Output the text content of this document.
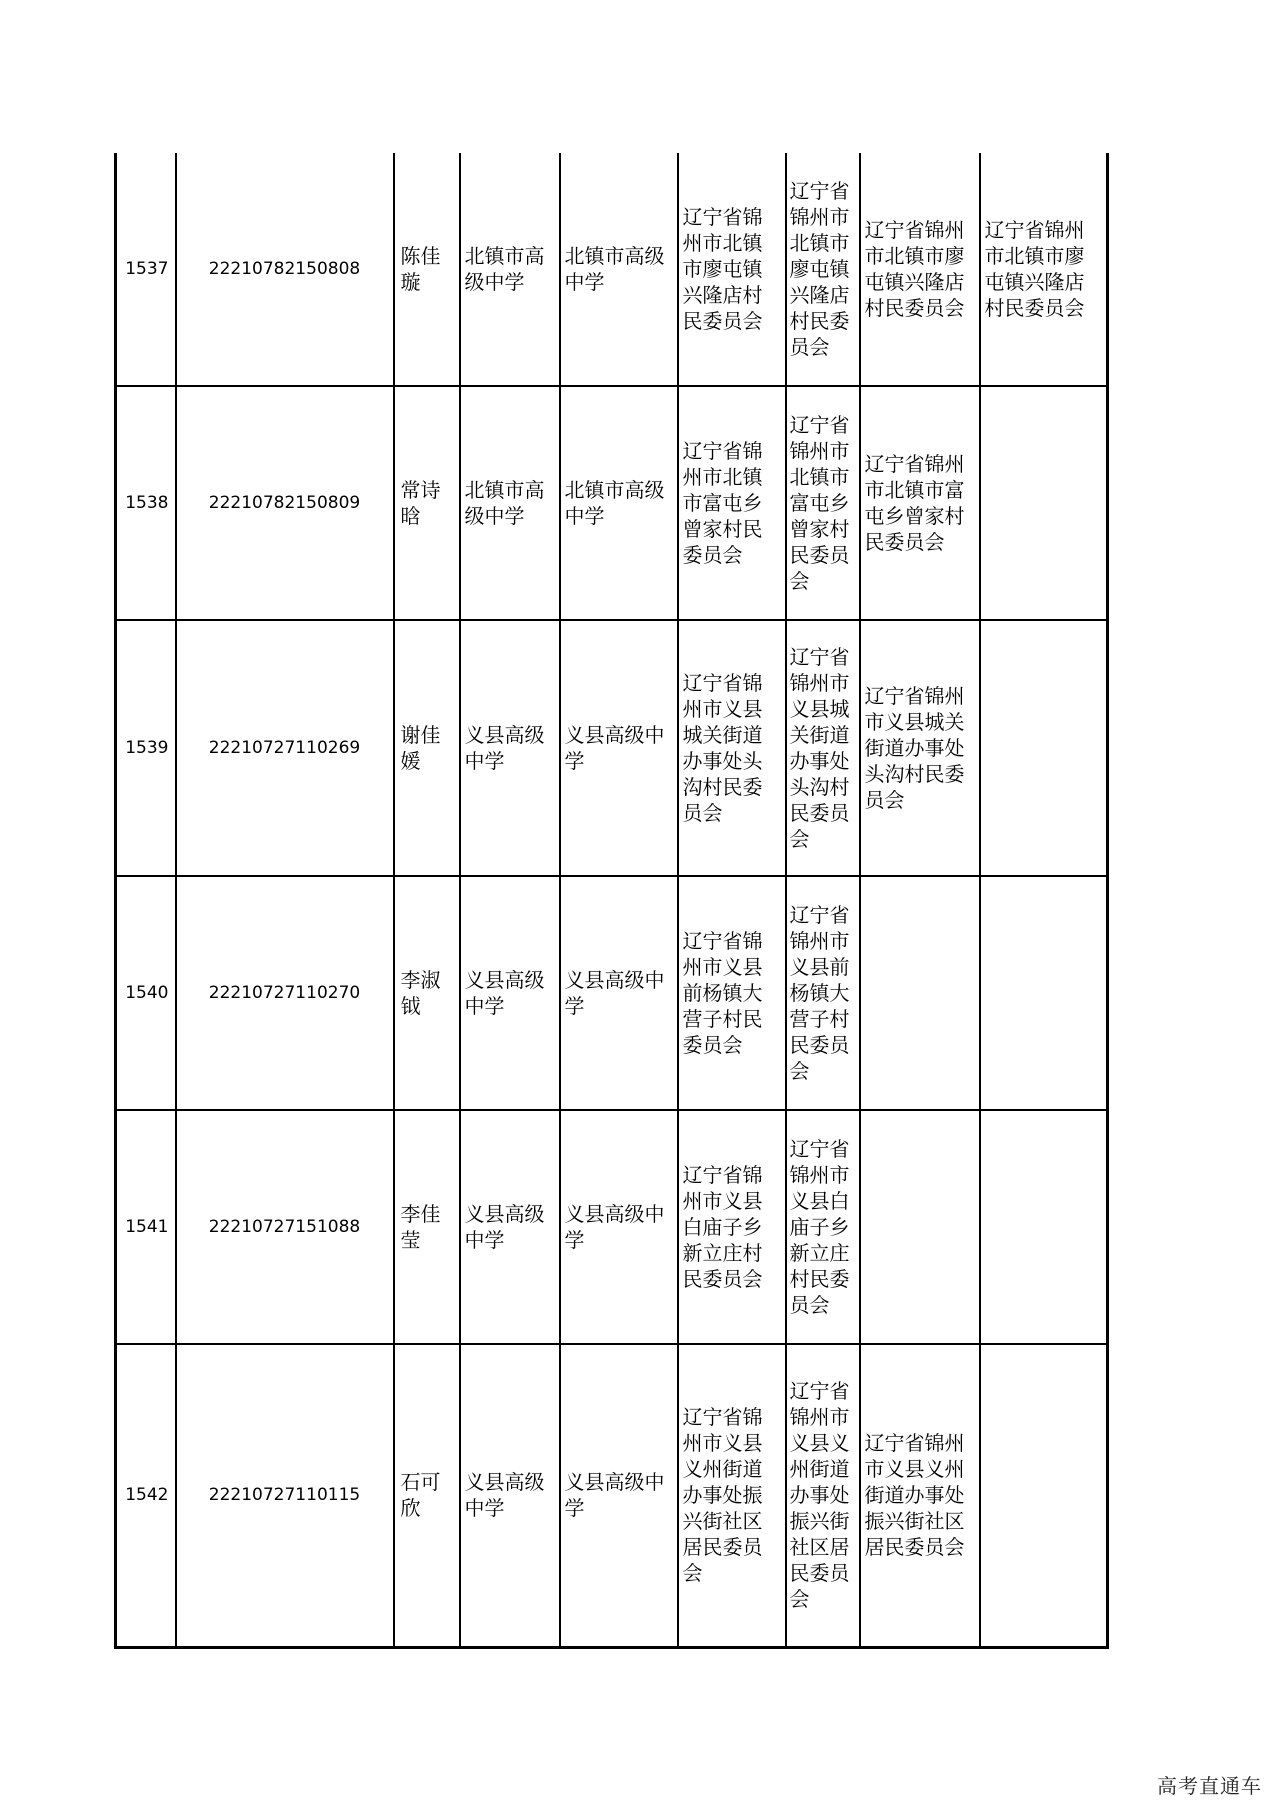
1537	22210782150808	陈佳璇	北镇市高级中学	北镇市高级中学	辽宁省锦州市北镇市廖屯镇兴隆店村民委员会	辽宁省锦州市北镇市廖屯镇兴隆店村民委员会	辽宁省锦州市北镇市廖屯镇兴隆店村民委员会	辽宁省锦州市北镇市廖屯镇兴隆店村民委员会
1538	22210782150809	常诗晗	北镇市高级中学	北镇市高级中学	辽宁省锦州市北镇市富屯乡曾家村民委员会	辽宁省锦州市北镇市富屯乡曾家村民委员会	辽宁省锦州市北镇市富屯乡曾家村民委员会	
1539	22210727110269	谢佳媛	义县高级中学	义县高级中学	辽宁省锦州市义县城关街道办事处头沟村民委员会	辽宁省锦州市义县城关街道办事处头沟村民委员会	辽宁省锦州市义县城关街道办事处头沟村民委员会	
1540	22210727110270	李淑钺	义县高级中学	义县高级中学	辽宁省锦州市义县前杨镇大营子村民委员会	辽宁省锦州市义县前杨镇大营子村民委员会		
1541	22210727151088	李佳莹	义县高级中学	义县高级中学	辽宁省锦州市义县白庙子乡新立庄村民委员会	辽宁省锦州市义县白庙子乡新立庄村民委员会		
1542	22210727110115	石可欣	义县高级中学	义县高级中学	辽宁省锦州市义县义州街道办事处振兴街社区居民委员会	辽宁省锦州市义县义州街道办事处振兴街社区居民委员会	辽宁省锦州市义县义州街道办事处振兴街社区居民委员会	
高考直通车
